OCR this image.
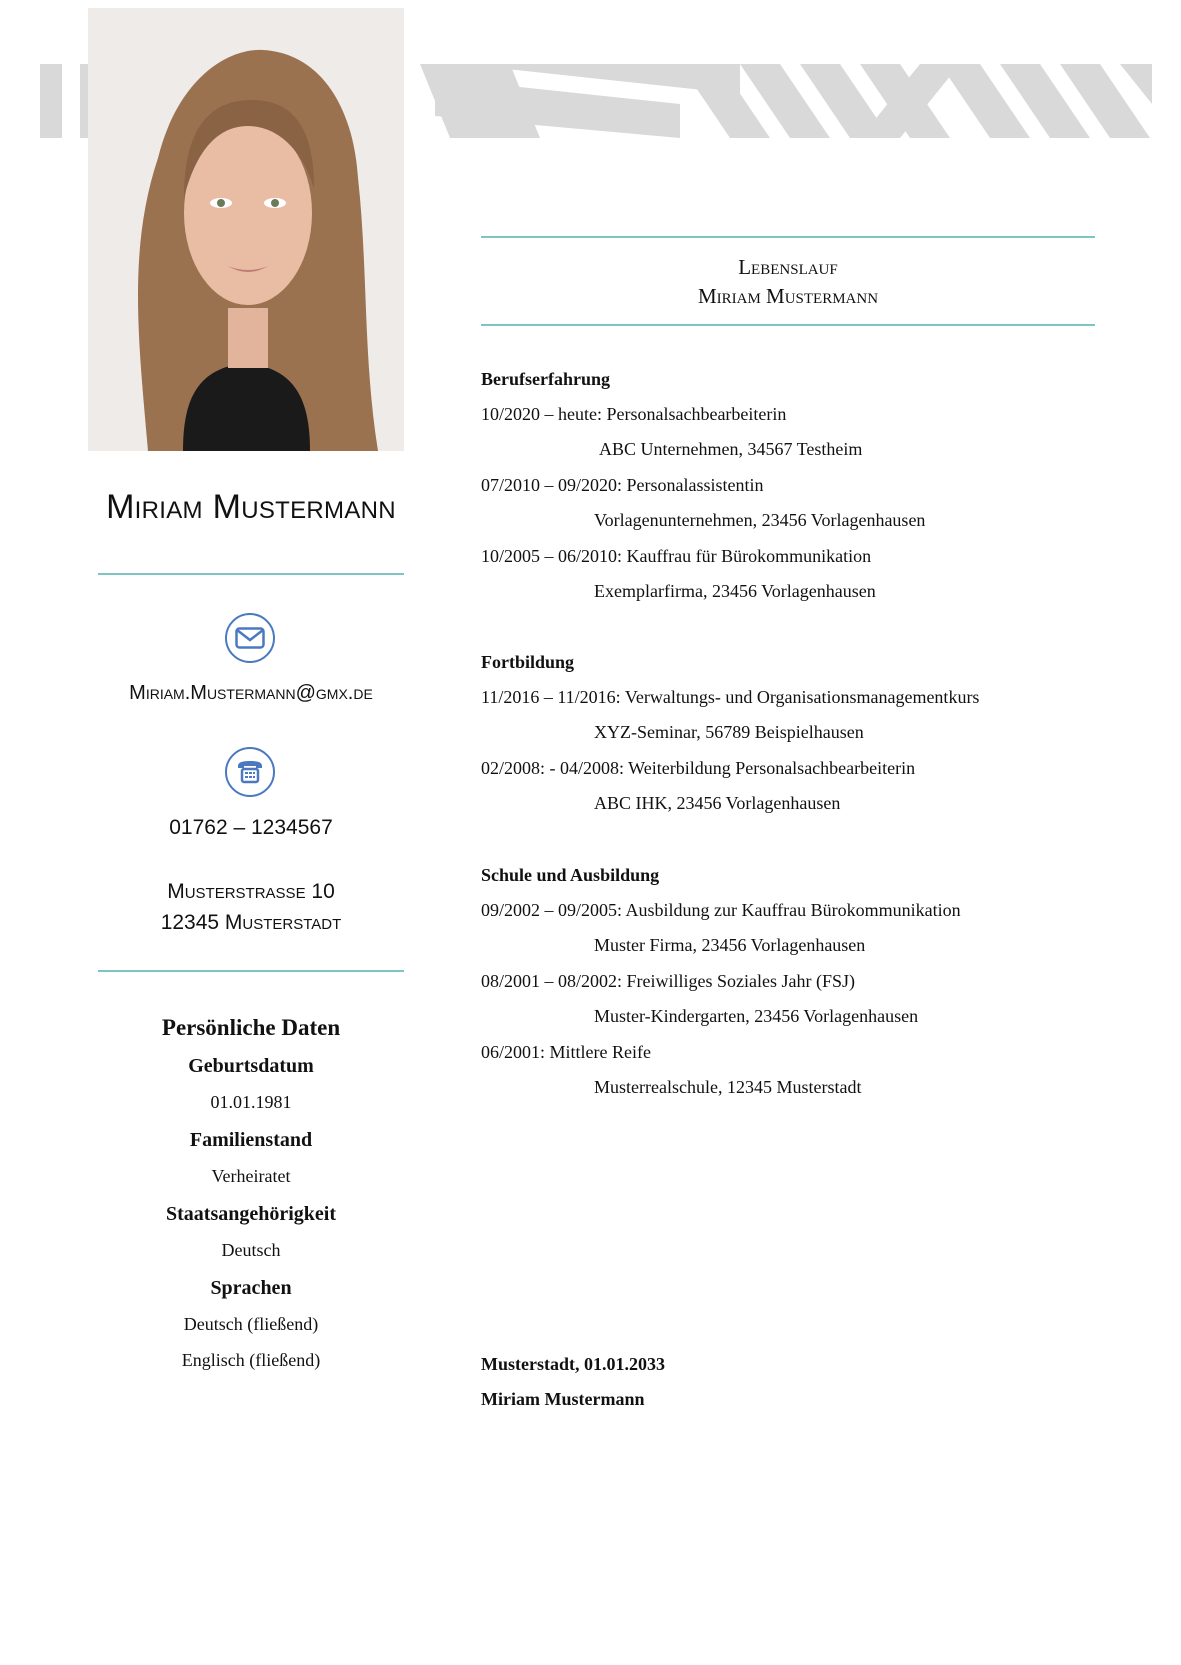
Miriam Mustermann
Miriam.Mustermann@gmx.de
01762 – 1234567
Musterstrasse 10
12345 Musterstadt
Persönliche Daten
Geburtsdatum
01.01.1981
Familienstand
Verheiratet
Staatsangehörigkeit
Deutsch
Sprachen
Deutsch (fließend)
Englisch (fließend)
Lebenslauf
Miriam Mustermann
Berufserfahrung
10/2020 – heute: Personalsachbearbeiterin
ABC Unternehmen, 34567 Testheim
07/2010 – 09/2020: Personalassistentin
Vorlagenunternehmen, 23456 Vorlagenhausen
10/2005 – 06/2010: Kauffrau für Bürokommunikation
Exemplarfirma, 23456 Vorlagenhausen
Fortbildung
11/2016 – 11/2016: Verwaltungs- und Organisationsmanagementkurs
XYZ-Seminar, 56789 Beispielhausen
02/2008: - 04/2008: Weiterbildung Personalsachbearbeiterin
ABC IHK, 23456 Vorlagenhausen
Schule und Ausbildung
09/2002 – 09/2005: Ausbildung zur Kauffrau Bürokommunikation
Muster Firma, 23456 Vorlagenhausen
08/2001 – 08/2002: Freiwilliges Soziales Jahr (FSJ)
Muster-Kindergarten, 23456 Vorlagenhausen
06/2001: Mittlere Reife
Musterrealschule, 12345 Musterstadt
Musterstadt, 01.01.2033
Miriam Mustermann
